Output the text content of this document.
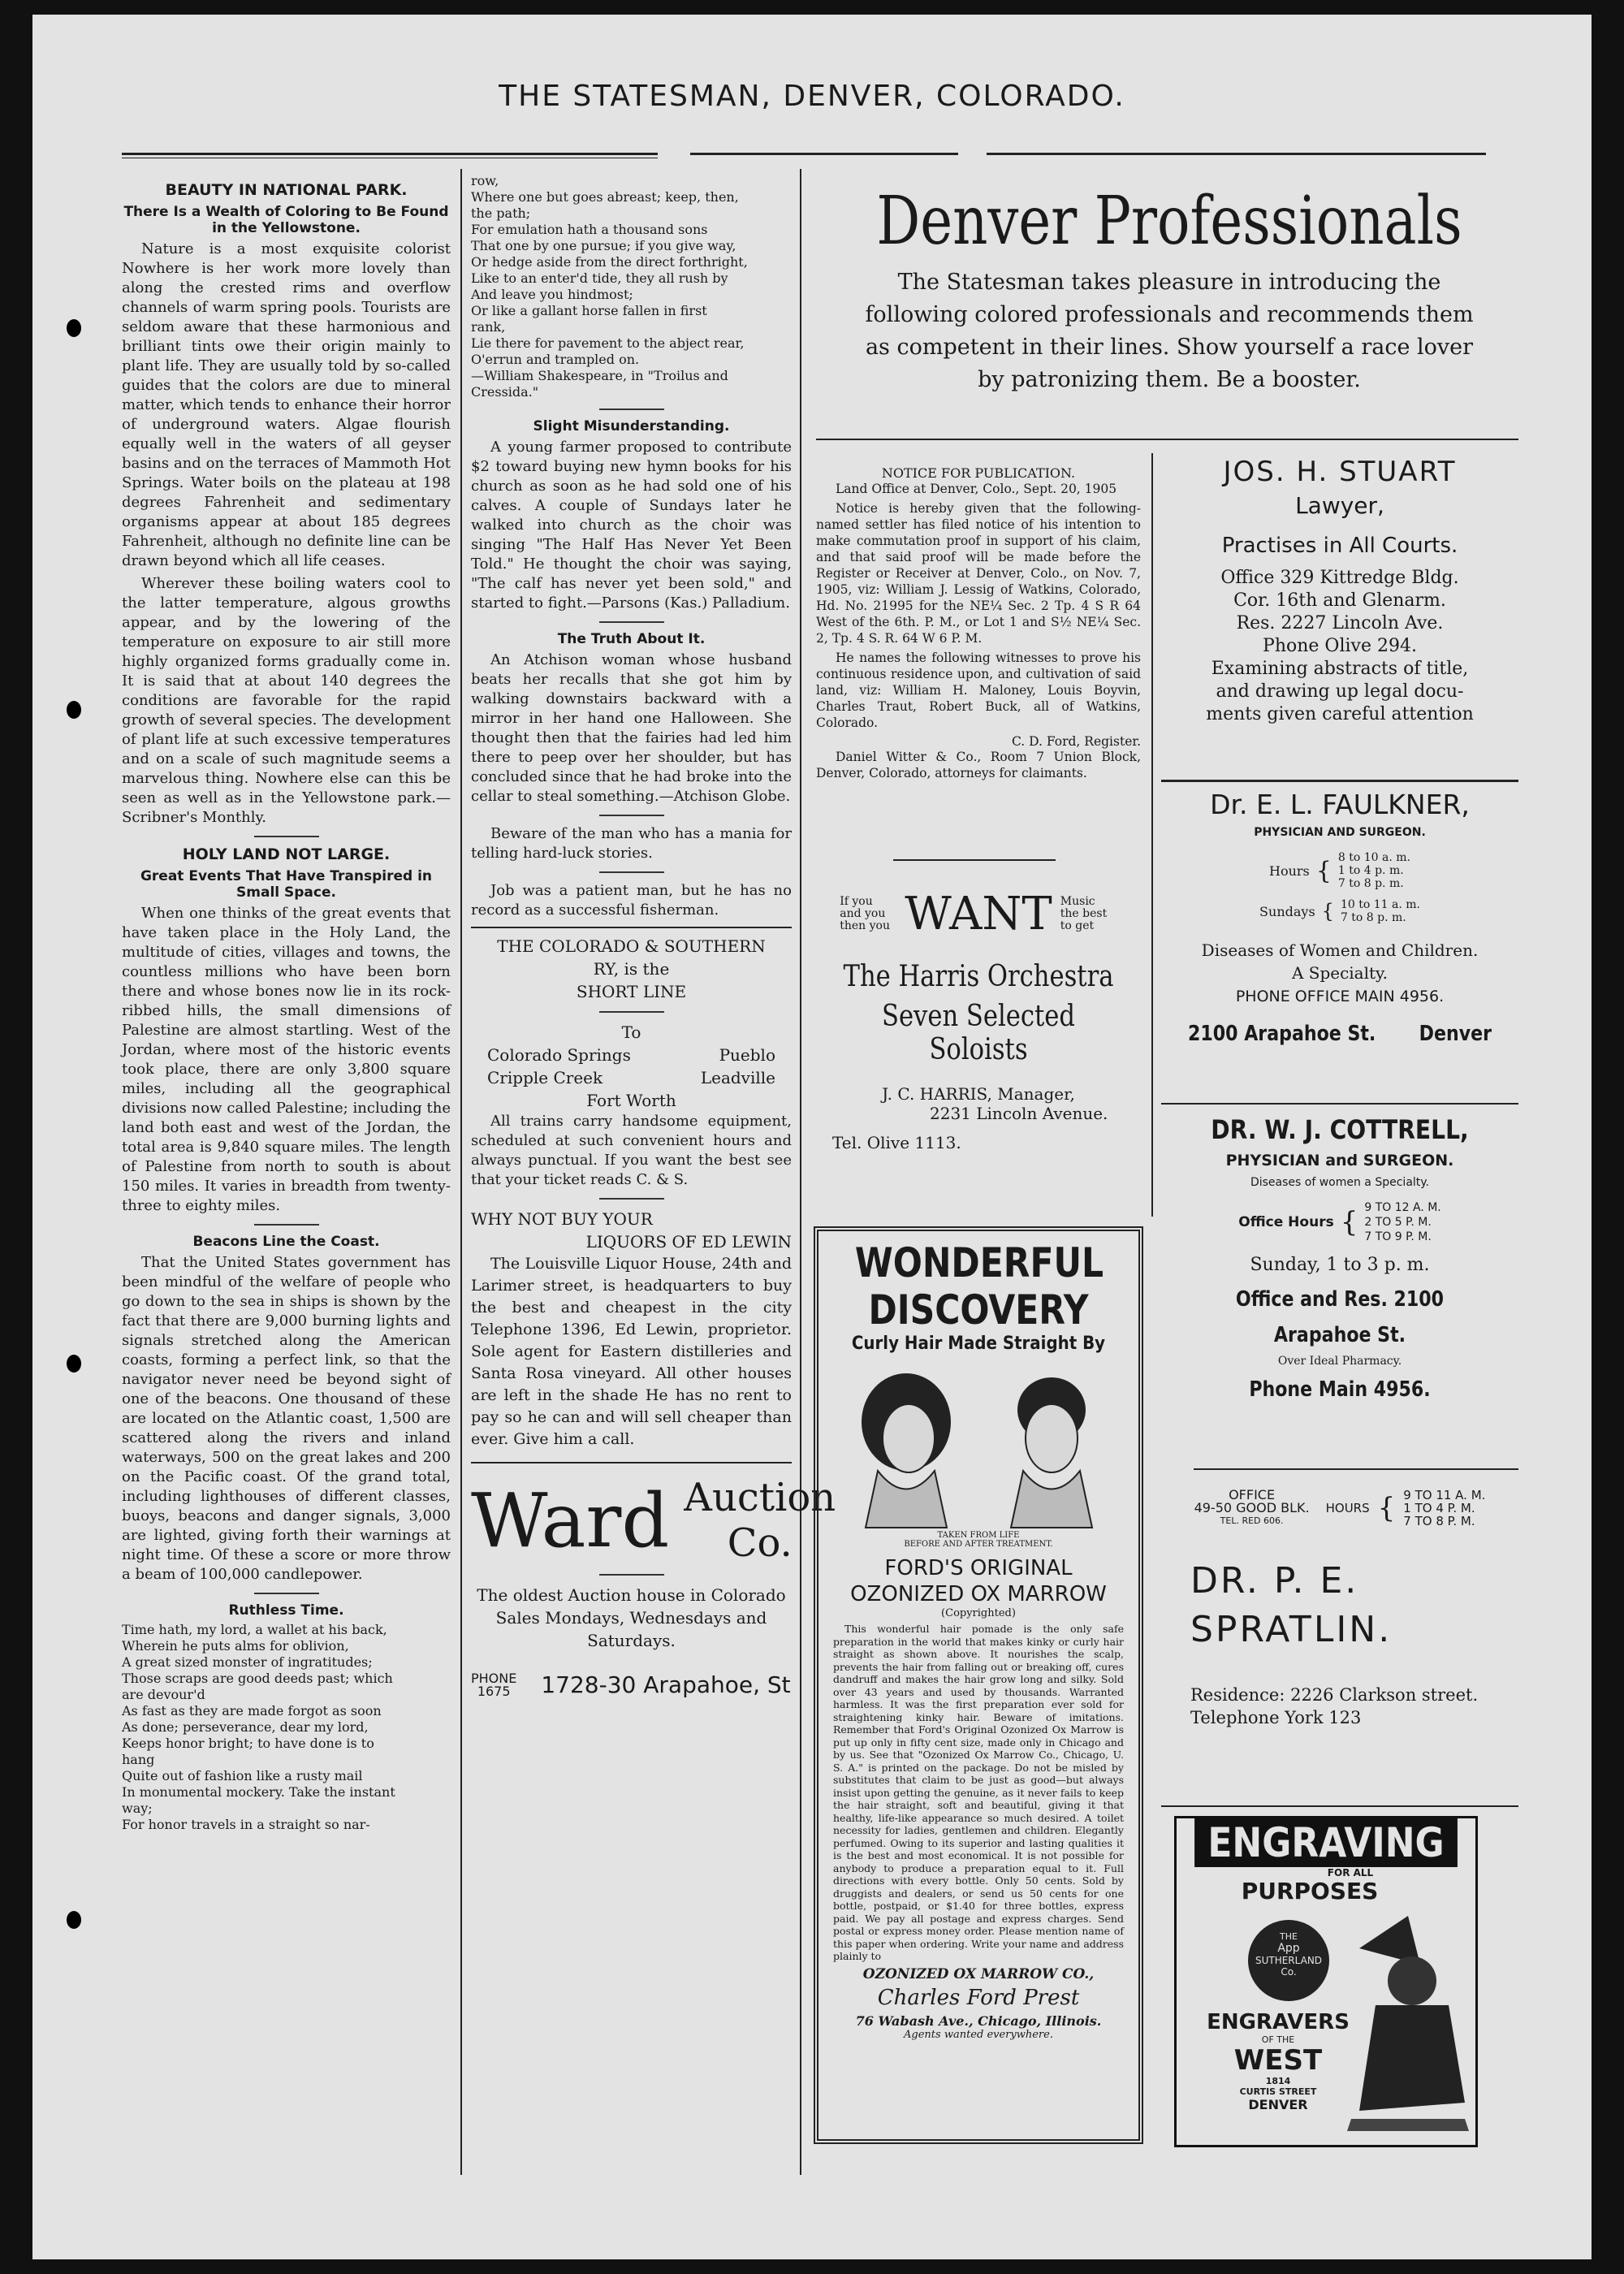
THE STATESMAN, DENVER, COLORADO.
BEAUTY IN NATIONAL PARK.
There Is a Wealth of Coloring to Be Found in the Yellowstone.

Nature is a most exquisite colorist Nowhere is her work more lovely than along the crested rims and overflow channels of warm spring pools. Tourists are seldom aware that these harmonious and brilliant tints owe their origin mainly to plant life. They are usually told by so-called guides that the colors are due to mineral matter, which tends to enhance their horror of underground waters. Algae flourish equally well in the waters of all geyser basins and on the terraces of Mammoth Hot Springs. Water boils on the plateau at 198 degrees Fahrenheit and sedimentary organisms appear at about 185 degrees Fahrenheit, although no definite line can be drawn beyond which all life ceases.

Wherever these boiling waters cool to the latter temperature, algous growths appear, and by the lowering of the temperature on exposure to air still more highly organized forms gradually come in. It is said that at about 140 degrees the conditions are favorable for the rapid growth of several species. The development of plant life at such excessive temperatures and on a scale of such magnitude seems a marvelous thing. Nowhere else can this be seen as well as in the Yellowstone park.—Scribner's Monthly.

HOLY LAND NOT LARGE.
Great Events That Have Transpired in Small Space.

When one thinks of the great events that have taken place in the Holy Land, the multitude of cities, villages and towns, the countless millions who have been born there and whose bones now lie in its rock-ribbed hills, the small dimensions of Palestine are almost startling. West of the Jordan, where most of the historic events took place, there are only 3,800 square miles, including all the geographical divisions now called Palestine; including the land both east and west of the Jordan, the total area is 9,840 square miles. The length of Palestine from north to south is about 150 miles. It varies in breadth from twenty-three to eighty miles.

Beacons Line the Coast.

That the United States government has been mindful of the welfare of people who go down to the sea in ships is shown by the fact that there are 9,000 burning lights and signals stretched along the American coasts, forming a perfect link, so that the navigator never need be beyond sight of one of the beacons. One thousand of these are located on the Atlantic coast, 1,500 are scattered along the rivers and inland waterways, 500 on the great lakes and 200 on the Pacific coast. Of the grand total, including lighthouses of different classes, buoys, beacons and danger signals, 3,000 are lighted, giving forth their warnings at night time. Of these a score or more throw a beam of 100,000 candlepower.

Ruthless Time.

Time hath, my lord, a wallet at his back,
Wherein he puts alms for oblivion,
A great sized monster of ingratitudes;
Those scraps are good deeds past; which
are devour'd
As fast as they are made forgot as soon
As done; perseverance, dear my lord,
Keeps honor bright; to have done is to
hang
Quite out of fashion like a rusty mail
In monumental mockery. Take the instant
way;
For honor travels in a straight so nar-

row,
Where one but goes abreast; keep, then,
the path;
For emulation hath a thousand sons
That one by one pursue; if you give way,
Or hedge aside from the direct forthright,
Like to an enter'd tide, they all rush by
And leave you hindmost;
Or like a gallant horse fallen in first
rank,
Lie there for pavement to the abject rear,
O'errun and trampled on.
—William Shakespeare, in "Troilus and
Cressida."

Slight Misunderstanding.

A young farmer proposed to contribute $2 toward buying new hymn books for his church as soon as he had sold one of his calves. A couple of Sundays later he walked into church as the choir was singing "The Half Has Never Yet Been Told." He thought the choir was saying, "The calf has never yet been sold," and started to fight.—Parsons (Kas.) Palladium.

The Truth About It.

An Atchison woman whose husband beats her recalls that she got him by walking downstairs backward with a mirror in her hand one Halloween. She thought then that the fairies had led him there to peep over her shoulder, but has concluded since that he had broke into the cellar to steal something.—Atchison Globe.

Beware of the man who has a mania for telling hard-luck stories.

Job was a patient man, but he has no record as a successful fisherman.

THE COLORADO & SOUTHERN
RY, is the
SHORT LINE
To
Colorado Springs	Pueblo
Cripple Creek	Leadville
Fort Worth

All trains carry handsome equipment, scheduled at such convenient hours and always punctual. If you want the best see that your ticket reads C. & S.

WHY NOT BUY YOUR
LIQUORS OF ED LEWIN

The Louisville Liquor House, 24th and Larimer street, is headquarters to buy the best and cheapest in the city Telephone 1396, Ed Lewin, proprietor. Sole agent for Eastern distilleries and Santa Rosa vineyard. All other houses are left in the shade He has no rent to pay so he can and will sell cheaper than ever. Give him a call.

Ward Auction
Co.
The oldest Auction house in Colorado Sales Mondays, Wednesdays and Saturdays.
PHONE
1675 1728-30 Arapahoe, St
Denver Professionals
The Statesman takes pleasure in introducing the following colored professionals and recommends them as competent in their lines. Show yourself a race lover by patronizing them. Be a booster.
NOTICE FOR PUBLICATION.

Land Office at Denver, Colo., Sept. 20, 1905

Notice is hereby given that the following-named settler has filed notice of his intention to make commutation proof in support of his claim, and that said proof will be made before the Register or Receiver at Denver, Colo., on Nov. 7, 1905, viz: William J. Lessig of Watkins, Colorado, Hd. No. 21995 for the NE¼ Sec. 2 Tp. 4 S R 64 West of the 6th. P. M., or Lot 1 and S½ NE¼ Sec. 2, Tp. 4 S. R. 64 W 6 P. M.

He names the following witnesses to prove his continuous residence upon, and cultivation of said land, viz: William H. Maloney, Louis Boyvin, Charles Traut, Robert Buck, all of Watkins, Colorado.

C. D. Ford, Register.

Daniel Witter & Co., Room 7 Union Block, Denver, Colorado, attorneys for claimants.

If you and you then you WANT Music the best to get
The Harris Orchestra
Seven Selected Soloists
J. C. HARRIS, Manager,
2231 Lincoln Avenue.
Tel. Olive 1113.
WONDERFUL
DISCOVERY
Curly Hair Made Straight By
TAKEN FROM LIFE
BEFORE AND AFTER TREATMENT.
FORD'S ORIGINAL
OZONIZED OX MARROW
(Copyrighted)

This wonderful hair pomade is the only safe preparation in the world that makes kinky or curly hair straight as shown above. It nourishes the scalp, prevents the hair from falling out or breaking off, cures dandruff and makes the hair grow long and silky. Sold over 43 years and used by thousands. Warranted harmless. It was the first preparation ever sold for straightening kinky hair. Beware of imitations. Remember that Ford's Original Ozonized Ox Marrow is put up only in fifty cent size, made only in Chicago and by us. See that "Ozonized Ox Marrow Co., Chicago, U. S. A." is printed on the package. Do not be misled by substitutes that claim to be just as good—but always insist upon getting the genuine, as it never fails to keep the hair straight, soft and beautiful, giving it that healthy, life-like appearance so much desired. A toilet necessity for ladies, gentlemen and children. Elegantly perfumed. Owing to its superior and lasting qualities it is the best and most economical. It is not possible for anybody to produce a preparation equal to it. Full directions with every bottle. Only 50 cents. Sold by druggists and dealers, or send us 50 cents for one bottle, postpaid, or $1.40 for three bottles, express paid. We pay all postage and express charges. Send postal or express money order. Please mention name of this paper when ordering. Write your name and address plainly to

OZONIZED OX MARROW CO.,
Charles Ford Prest
76 Wabash Ave., Chicago, Illinois.
Agents wanted everywhere.
JOS. H. STUART
Lawyer,
Practises in All Courts.
Office 329 Kittredge Bldg.
Cor. 16th and Glenarm.
Res. 2227 Lincoln Ave.
Phone Olive 294.
Examining abstracts of title,
and drawing up legal docu-
ments given careful attention
Dr. E. L. FAULKNER,
PHYSICIAN AND SURGEON.
Hours { 8 to 10 a. m.
1 to 4 p. m.
7 to 8 p. m.
Sundays { 10 to 11 a. m.
7 to 8 p. m.
Diseases of Women and Children.
A Specialty.
PHONE OFFICE MAIN 4956.
2100 Arapahoe St. Denver
DR. W. J. COTTRELL,
PHYSICIAN and SURGEON.
Diseases of women a Specialty.
Office Hours { 9 TO 12 A. M.
2 TO 5 P. M.
7 TO 9 P. M.
Sunday, 1 to 3 p. m.
Office and Res. 2100 Arapahoe St.
Over Ideal Pharmacy.
Phone Main 4956.
OFFICE
49-50 GOOD BLK.
TEL. RED 606.
HOURS { 9 TO 11 A. M.
1 TO 4 P. M.
7 TO 8 P. M.
DR. P. E.
SPRATLIN.
Residence: 2226 Clarkson street.
Telephone York 123
ENGRAVING
FOR ALL
PURPOSES
THE
App
SUTHERLAND
Co.
ENGRAVERS
OF THE
WEST
1814
CURTIS STREET
DENVER
